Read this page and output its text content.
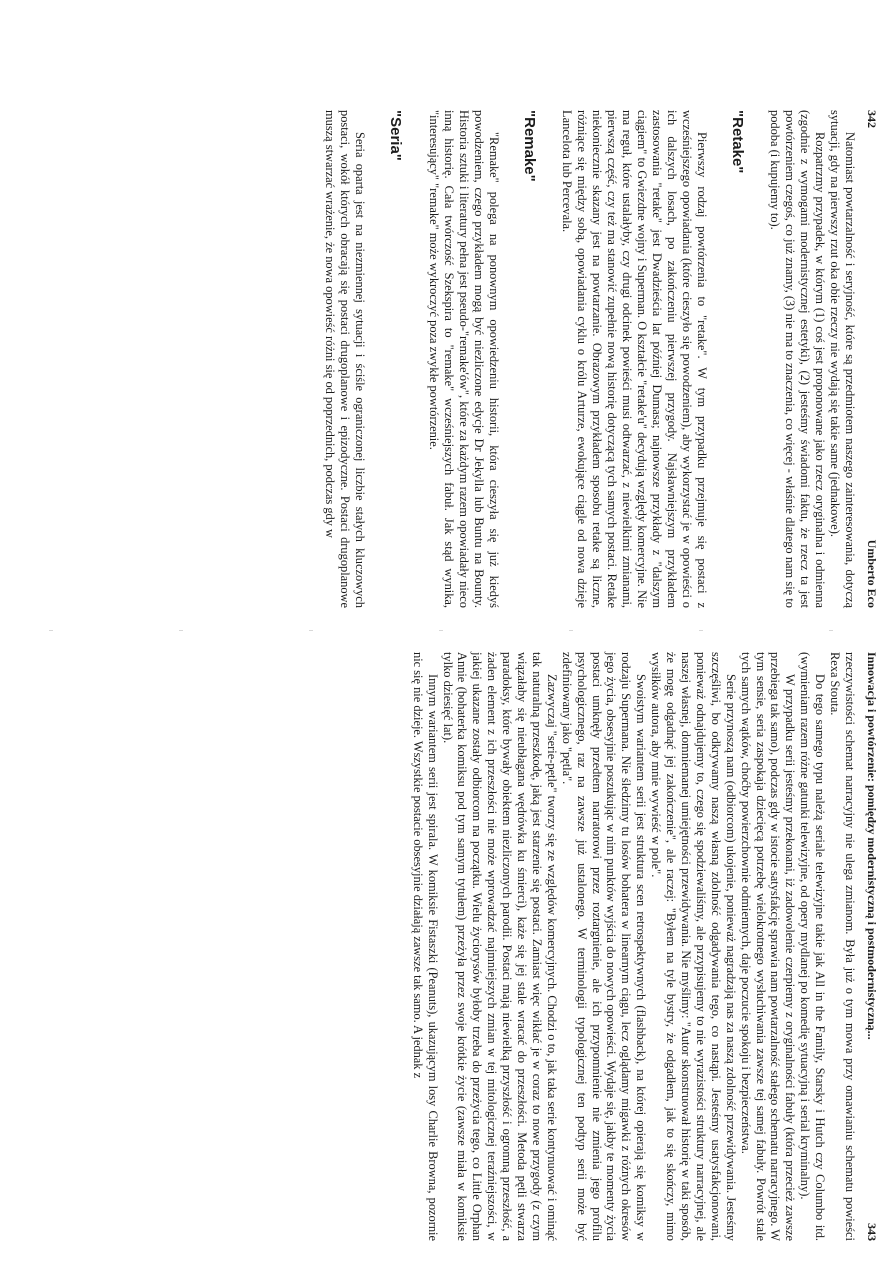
342
Umberto Eco

Natomiast powtarzalność i seryjność, które są przedmiotem naszego zainteresowania, dotyczą sytuacji, gdy na pierwszy rzut oka obie rzeczy nie wydają się takie same (jednakowe).

Rozpatrzmy przypadek, w którym (1) coś jest proponowane jako rzecz oryginalna i odmienna (zgodnie z wymogami modernistycznej estetyki), (2) jesteśmy świadomi faktu, że rzecz ta jest powtórzeniem czegoś, co już znamy, (3) nie ma to znaczenia, co więcej - właśnie dlatego nam się to podoba (i kupujemy to).

"Retake"

Pierwszy rodzaj powtórzenia to "retake". W tym przypadku przejmuje się postaci z wcześniejszego opowiadania (które cieszyło się powodzeniem), aby wykorzystać je w opowieści o ich dalszych losach, po zakończeniu pierwszej przygody. Najsławniejszym przykładem zastosowania "retake" jest Dwadzieścia lat później Dumasa; najnowsze przykłady z "dalszym ciągiem" to Gwiezdne wojny i Superman. O kształcie "retake'u" decydują względy komercyjne. Nie ma reguł, które ustalałyby, czy drugi odcinek powieści musi odtwarzać, z niewielkimi zmianami, pierwszą część, czy też ma stanowić zupełnie nową historię dotyczącą tych samych postaci. Retake niekoniecznie skazany jest na powtarzanie. Obrazowym przykładem sposobu retake są liczne, różniące się między sobą, opowiadania cyklu o królu Arturze, ewokujące ciągle od nowa dzieje Lancelota lub Percevala.

"Remake"

"Remake" polega na ponownym opowiedzeniu historii, która cieszyła się już kiedyś powodzeniem, czego przykładem mogą być niezliczone edycje Dr Jekylla lub Buntu na Bounty. Historia sztuki i literatury pełna jest pseudo-"remake'ów", które za każdym razem opowiadały nieco inną historię. Cała twórczość Szekspira to "remake" wcześniejszych fabuł. Jak stąd wynika, "interesujący" "remake" może wykroczyć poza zwykłe powtórzenie.

"Seria"

Seria oparta jest na niezmiennej sytuacji i ściśle ograniczonej liczbie stałych kluczowych postaci, wokół których obracają się postaci drugoplanowe i epizodyczne. Postaci drugoplanowe muszą stwarzać wrażenie, że nowa opowieść różni się od poprzednich, podczas gdy w

Innowacja i powtórzenie: pomiędzy modernistyczną i postmodernistyczną...
343

rzeczywistości schemat narracyjny nie ulega zmianom. Była już o tym mowa przy omawianiu schematu powieści Rexa Stouta.

Do tego samego typu należą seriale telewizyjne takie jak All in the Family, Starsky i Hutch czy Columbo itd. (wymieniam razem różne gatunki telewizyjne, od opery mydlanej po komedię sytuacyjną i serial kryminalny).

W przypadku serii jesteśmy przekonani, iż zadowolenie czerpiemy z oryginalności fabuły (która przecież zawsze przebiega tak samo), podczas gdy w istocie satysfakcję sprawia nam powtarzalność stałego schematu narracyjnego. W tym sensie, seria zaspokaja dziecięcą potrzebę wielokrotnego wysłuchiwania zawsze tej samej fabuły. Powrót stale tych samych wątków, choćby powierzchownie odmiennych, daje poczucie spokoju i bezpieczeństwa.

Serie przynoszą nam (odbiorcom) ukojenie, ponieważ nagradzają nas za naszą zdolność przewidywania. Jesteśmy szczęśliwi, bo odkrywamy naszą własną zdolność odgadywania tego, co nastąpi. Jesteśmy usatysfakcjonowani, ponieważ odnajdujemy to, czego się spodziewaliśmy, ale przypisujemy to nie wyrazistości struktury narracyjnej, ale naszej własnej, domniemanej umiejętności przewidywania. Nie myślimy: "Autor skonstruował historię w taki sposób, że mogę odgadnąć jej zakończenie", ale raczej: "Byłem na tyle bystry, że odgadłem, jak to się skończy, mimo wysiłków autora, aby mnie wywieść w pole".

Swoistym wariantem serii jest struktura scen retrospektywnych (flashback), na której opierają się komiksy w rodzaju Supermana. Nie śledzimy tu losów bohatera w linearnym ciągu, lecz oglądamy migawki z różnych okresów jego życia, obsesyjnie poszukując w nim punktów wyjścia do nowych opowieści. Wydaje się, jakby te momenty życia postaci umknęły przedtem narratorowi przez roztargnienie, ale ich przypomnienie nie zmienia jego profilu psychologicznego, raz na zawsze już ustalonego. W terminologii typologicznej ten podtyp serii może być zdefiniowany jako "pętla".

Zazwyczaj "serie-pętle" tworzy się ze względów komercyjnych. Chodzi o to, jak taka serie kontynuować i ominąć tak naturalną przeszkodę, jaką jest starzenie się postaci. Zamiast więc wikłać je w coraz to nowe przygody (z czym wiązałaby się nieubłagana wędrówka ku śmierci), każe się jej stale wracać do przeszłości. Metoda pętli stwarza paradoksy, które bywały obiektem niezliczonych parodii. Postaci mają niewielką przyszłość i ogromną przeszłość, a żaden element z ich przeszłości nie może wprowadzać najmniejszych zmian w tej mitologicznej teraźniejszości, w jakiej ukazane zostały odbiorcom na początku. Wielu życiorysów byłoby trzeba do przeżycia tego, co Little Orphan Annie (bohaterka komiksu pod tym samym tytułem) przeżyła przez swoje krótkie życie (zawsze miała w komiksie tylko dziesięć lat).

Innym wariantem serii jest spirala. W komiksie Fistaszki (Peanuts), ukazującym losy Charlie Browna, pozornie nic się nie dzieje. Wszystkie postacie obsesyjnie działają zawsze tak samo. A jednak z
